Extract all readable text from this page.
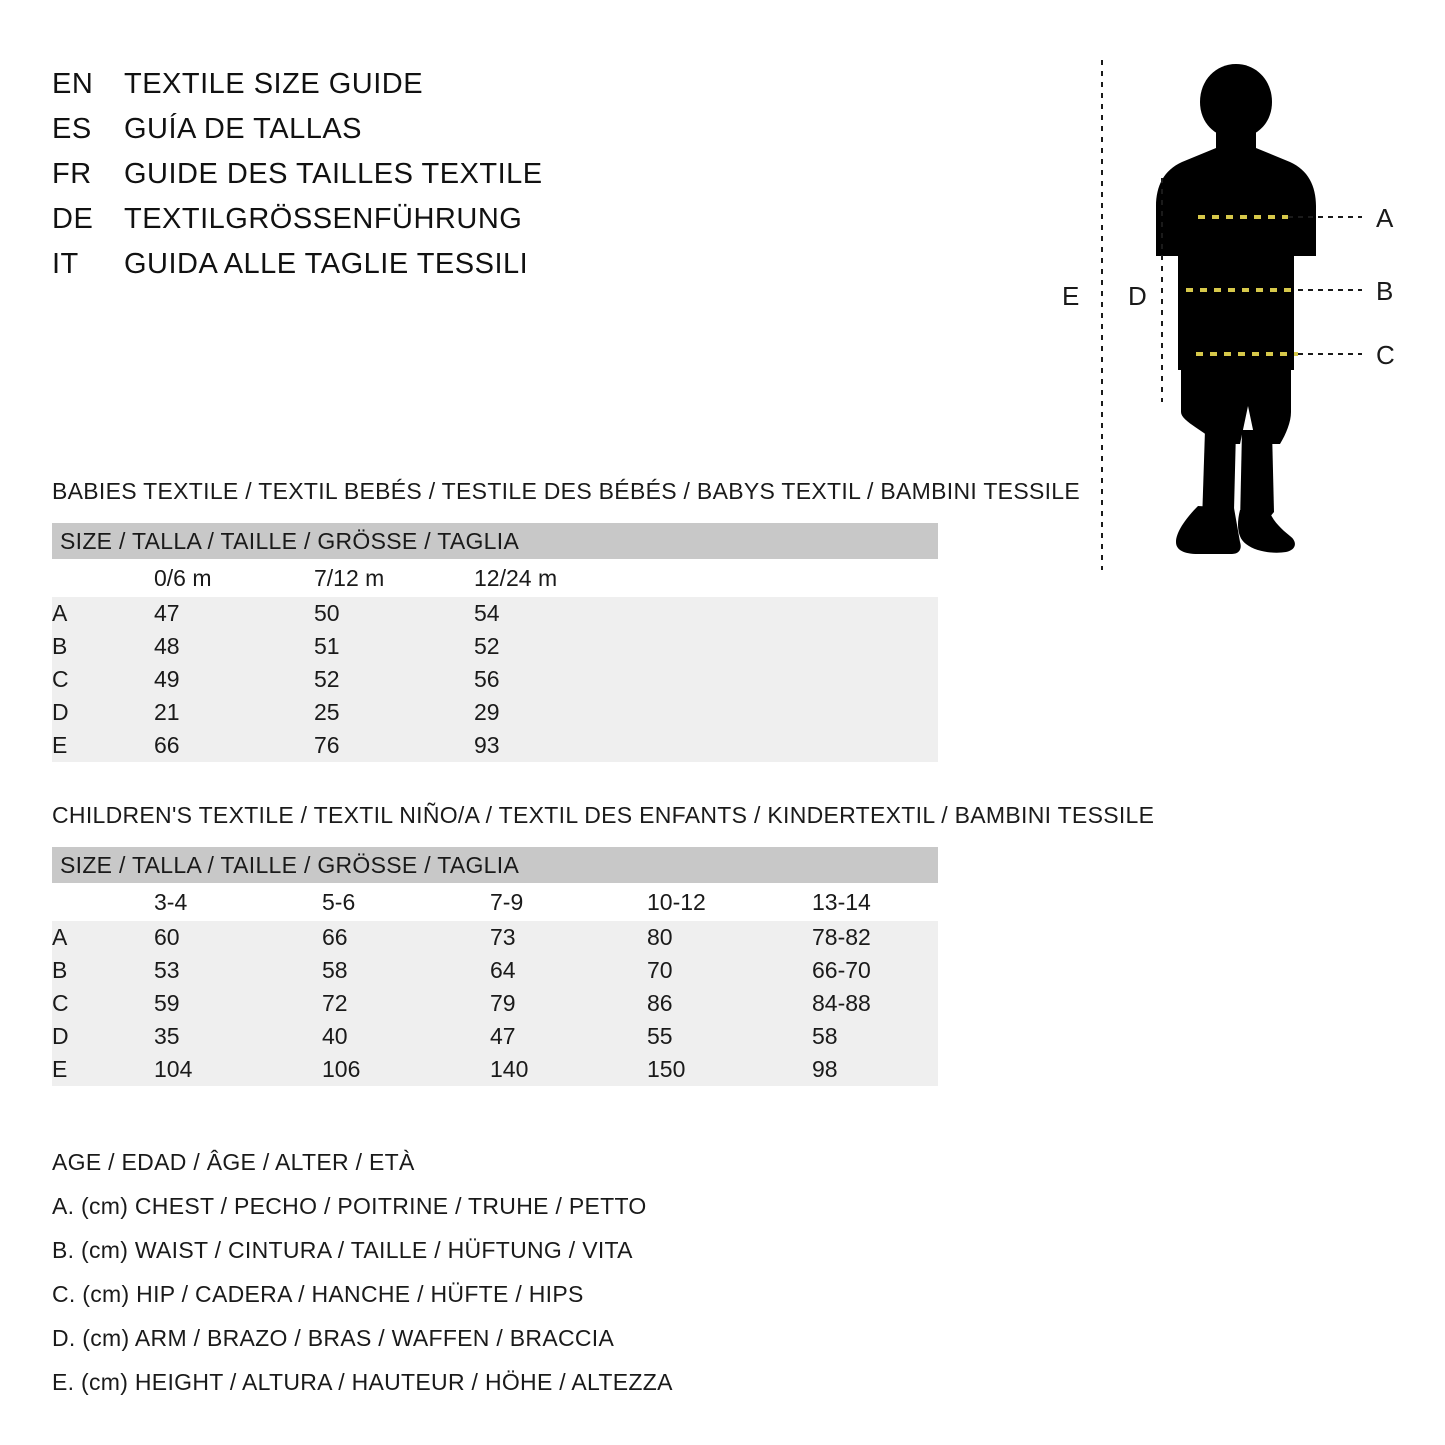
EN	TEXTILE SIZE GUIDE
ES	GUÍA DE TALLAS
FR	GUIDE DES TAILLES TEXTILE
DE	TEXTILGRÖSSENFÜHRUNG
IT	GUIDA ALLE TAGLIE TESSILI
A
B
C
D
E
BABIES TEXTILE / TEXTIL BEBÉS / TESTILE DES BÉBÉS / BABYS TEXTIL / BAMBINI TESSILE
SIZE / TALLA / TAILLE / GRÖSSE / TAGLIA			

	0/6 m	7/12 m	12/24 m

A	47	50	54

B	48	51	52

C	49	52	56

D	21	25	29

E	66	76	93
CHILDREN'S TEXTILE / TEXTIL NIÑO/A / TEXTIL DES ENFANTS / KINDERTEXTIL / BAMBINI TESSILE
SIZE / TALLA / TAILLE / GRÖSSE / TAGLIA					

	3-4	5-6	7-9	10-12	13-14

A	60	66	73	80	78-82

B	53	58	64	70	66-70

C	59	72	79	86	84-88

D	35	40	47	55	58

E	104	106	140	150	98
AGE / EDAD / ÂGE / ALTER / ETÀ
A. (cm) CHEST / PECHO / POITRINE / TRUHE / PETTO
B. (cm) WAIST / CINTURA / TAILLE / HÜFTUNG / VITA
C. (cm) HIP / CADERA / HANCHE / HÜFTE / HIPS
D. (cm) ARM / BRAZO / BRAS / WAFFEN / BRACCIA
E. (cm) HEIGHT / ALTURA / HAUTEUR / HÖHE / ALTEZZA
